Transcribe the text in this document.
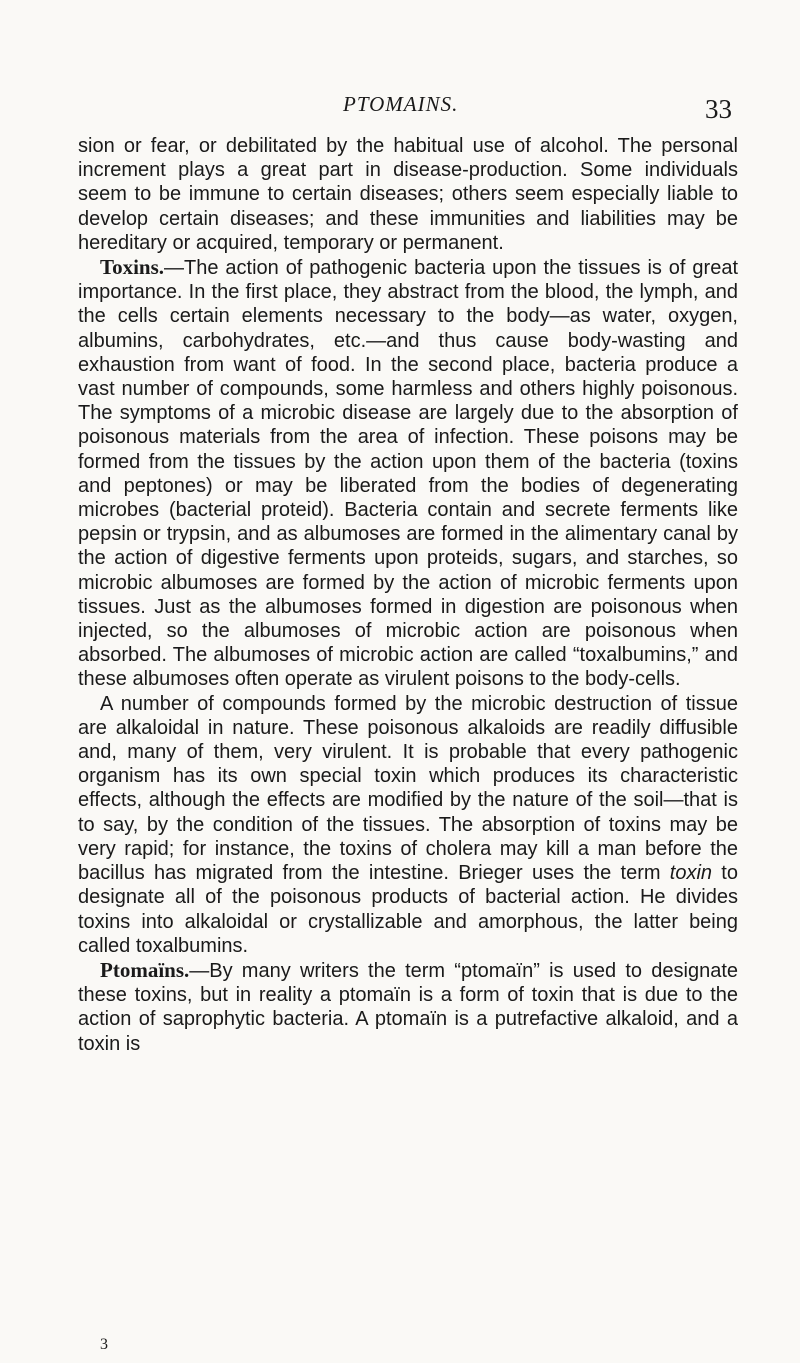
PTOMAINS.	33

sion or fear, or debilitated by the habitual use of alcohol. The personal increment plays a great part in disease-production. Some individuals seem to be immune to certain diseases; others seem especially liable to develop certain diseases; and these immunities and liabilities may be hereditary or acquired, temporary or permanent.

Toxins.—The action of pathogenic bacteria upon the tissues is of great importance. In the first place, they abstract from the blood, the lymph, and the cells certain elements necessary to the body—as water, oxygen, albumins, carbohydrates, etc.—and thus cause body-wasting and exhaustion from want of food. In the second place, bacteria produce a vast number of compounds, some harmless and others highly poisonous. The symptoms of a microbic disease are largely due to the absorption of poisonous materials from the area of infection. These poisons may be formed from the tissues by the action upon them of the bacteria (toxins and peptones) or may be liberated from the bodies of degenerating microbes (bacterial proteid). Bacteria contain and secrete ferments like pepsin or trypsin, and as albumoses are formed in the alimentary canal by the action of digestive ferments upon proteids, sugars, and starches, so microbic albumoses are formed by the action of microbic ferments upon tissues. Just as the albumoses formed in digestion are poisonous when injected, so the albumoses of microbic action are poisonous when absorbed. The albumoses of microbic action are called “toxalbumins,” and these albumoses often operate as virulent poisons to the body-cells.

A number of compounds formed by the microbic destruction of tissue are alkaloidal in nature. These poisonous alkaloids are readily diffusible and, many of them, very virulent. It is probable that every pathogenic organism has its own special toxin which produces its characteristic effects, although the effects are modified by the nature of the soil—that is to say, by the condition of the tissues. The absorption of toxins may be very rapid; for instance, the toxins of cholera may kill a man before the bacillus has migrated from the intestine. Brieger uses the term toxin to designate all of the poisonous products of bacterial action. He divides toxins into alkaloidal or crystallizable and amorphous, the latter being called toxalbumins.

Ptomaïns.—By many writers the term “ptomaïn” is used to designate these toxins, but in reality a ptomaïn is a form of toxin that is due to the action of saprophytic bacteria. A ptomaïn is a putrefactive alkaloid, and a toxin is

3
